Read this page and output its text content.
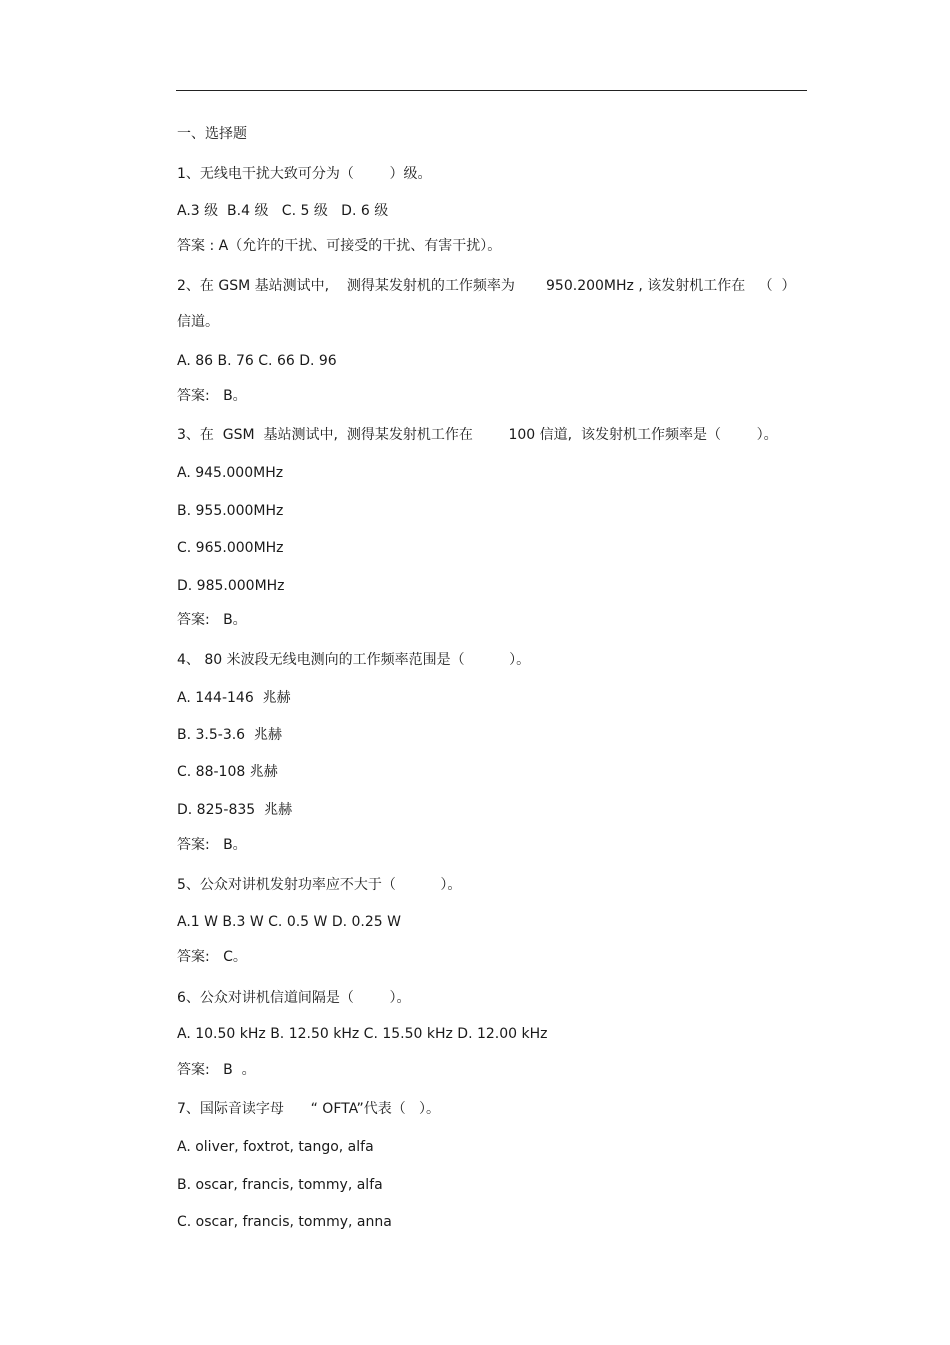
一、选择题
1、无线电干扰大致可分为（        ）级。
A.3 级  B.4 级   C. 5 级   D. 6 级
答案 : A（允许的干扰、可接受的干扰、有害干扰）。
2、在 GSM 基站测试中,    测得某发射机的工作频率为       950.200MHz , 该发射机工作在   （  ）
信道。
A. 86 B. 76 C. 66 D. 96
答案:   B。
3、在  GSM  基站测试中,  测得某发射机工作在        100 信道,  该发射机工作频率是（        ）。
A. 945.000MHz
B. 955.000MHz
C. 965.000MHz
D. 985.000MHz
答案:   B。
4、 80 米波段无线电测向的工作频率范围是（          ）。
A. 144-146  兆赫
B. 3.5-3.6  兆赫
C. 88-108 兆赫
D. 825-835  兆赫
答案:   B。
5、公众对讲机发射功率应不大于（          ）。
A.1 W B.3 W C. 0.5 W D. 0.25 W
答案:   C。
6、公众对讲机信道间隔是（        ）。
A. 10.50 kHz B. 12.50 kHz C. 15.50 kHz D. 12.00 kHz
答案:   B  。
7、国际音读字母      “ OFTA”代表（   ）。
A. oliver, foxtrot, tango, alfa
B. oscar, francis, tommy, alfa
C. oscar, francis, tommy, anna
